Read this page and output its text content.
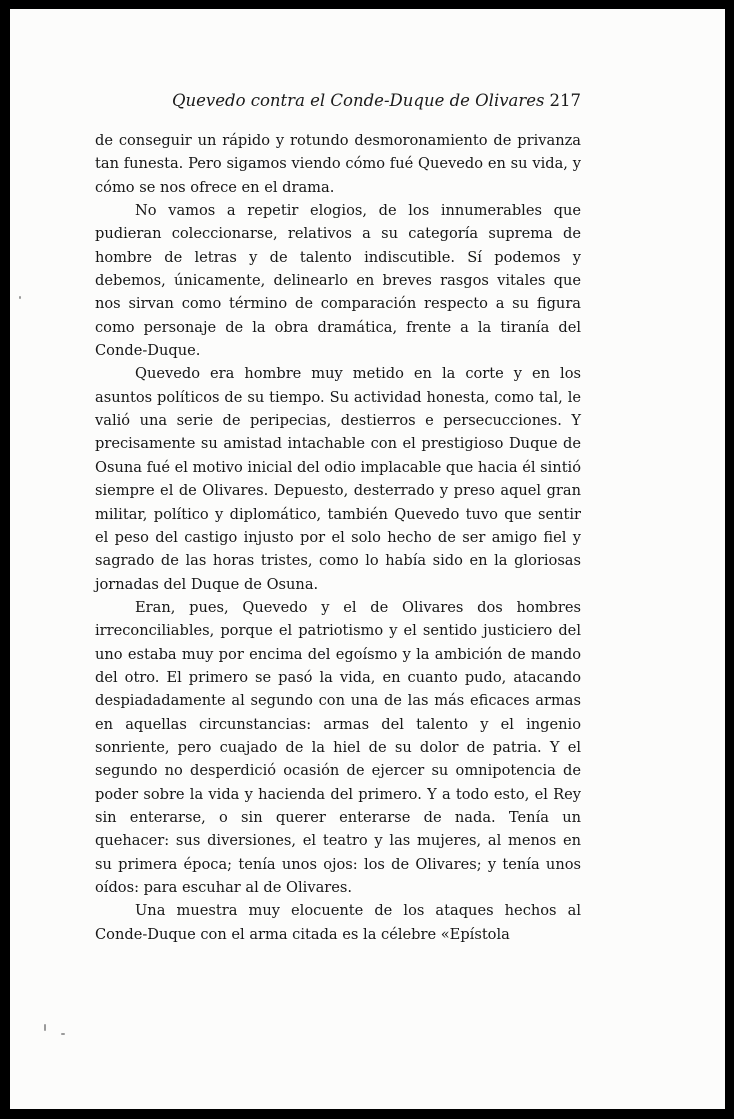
Quevedo contra el Conde-Duque de Olivares 217

de conseguir un rápido y rotundo desmoronamiento de privanza tan funesta. Pero sigamos viendo cómo fué Quevedo en su vida, y cómo se nos ofrece en el drama.

No vamos a repetir elogios, de los innumerables que pudieran coleccionarse, relativos a su categoría suprema de hombre de letras y de talento indiscutible. Sí podemos y debemos, únicamente, delinearlo en breves rasgos vitales que nos sirvan como término de comparación respecto a su figura como personaje de la obra dramática, frente a la tiranía del Conde-Duque.

Quevedo era hombre muy metido en la corte y en los asuntos políticos de su tiempo. Su actividad honesta, como tal, le valió una serie de peripecias, destierros e persecucciones. Y precisamente su amistad intachable con el prestigioso Duque de Osuna fué el motivo inicial del odio implacable que hacia él sintió siempre el de Olivares. Depuesto, desterrado y preso aquel gran militar, político y diplomático, también Quevedo tuvo que sentir el peso del castigo injusto por el solo hecho de ser amigo fiel y sagrado de las horas tristes, como lo había sido en la gloriosas jornadas del Duque de Osuna.

Eran, pues, Quevedo y el de Olivares dos hombres irreconciliables, porque el patriotismo y el sentido justiciero del uno estaba muy por encima del egoísmo y la ambición de mando del otro. El primero se pasó la vida, en cuanto pudo, atacando despiadadamente al segundo con una de las más eficaces armas en aquellas circunstancias: armas del talento y el ingenio sonriente, pero cuajado de la hiel de su dolor de patria. Y el segundo no desperdició ocasión de ejercer su omnipotencia de poder sobre la vida y hacienda del primero. Y a todo esto, el Rey sin enterarse, o sin querer enterarse de nada. Tenía un quehacer: sus diversiones, el teatro y las mujeres, al menos en su primera época; tenía unos ojos: los de Olivares; y tenía unos oídos: para escuhar al de Olivares.

Una muestra muy elocuente de los ataques hechos al Conde-Duque con el arma citada es la célebre «Epístola
